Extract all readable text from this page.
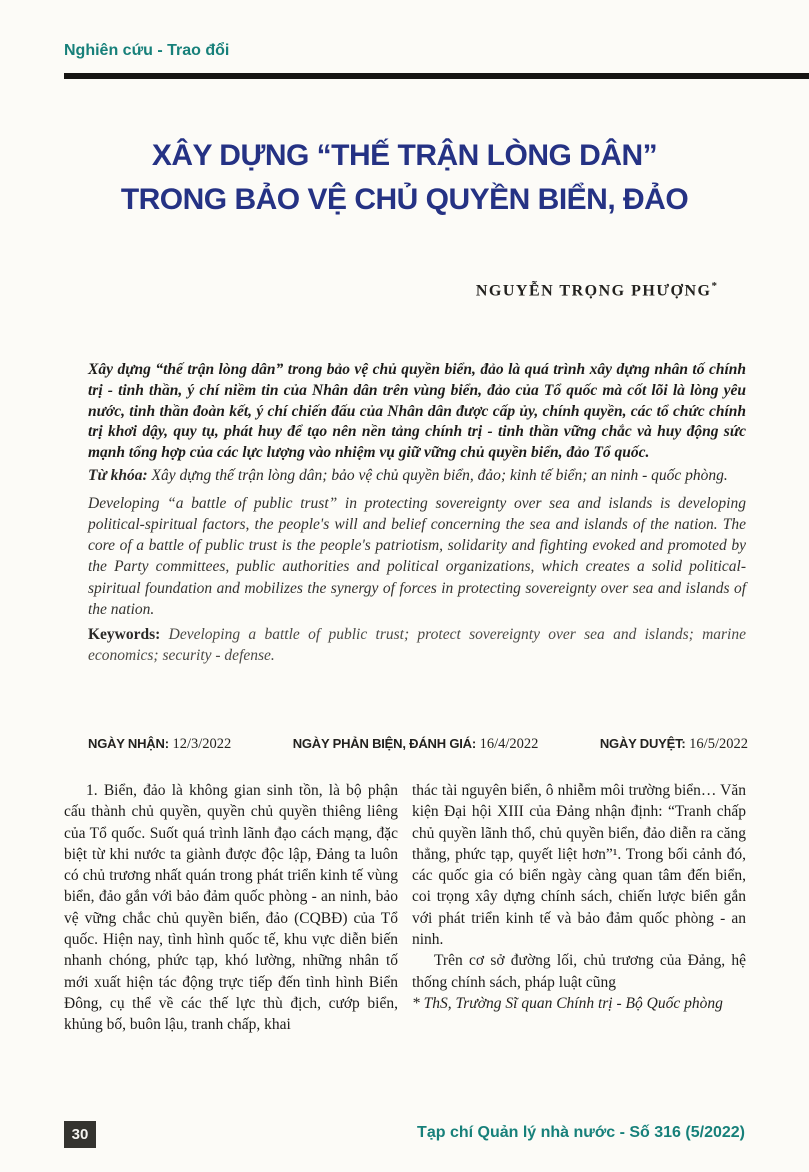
Nghiên cứu - Trao đổi
XÂY DỰNG “THẾ TRẬN LÒNG DÂN”
TRONG BẢO VỆ CHỦ QUYỀN BIỂN, ĐẢO
NGUYỄN TRỌNG PHƯỢNG*

Xây dựng “thế trận lòng dân” trong bảo vệ chủ quyền biển, đảo là quá trình xây dựng nhân tố chính trị - tinh thần, ý chí niềm tin của Nhân dân trên vùng biển, đảo của Tổ quốc mà cốt lõi là lòng yêu nước, tinh thần đoàn kết, ý chí chiến đấu của Nhân dân được cấp ủy, chính quyền, các tổ chức chính trị khơi dậy, quy tụ, phát huy để tạo nên nền tảng chính trị - tinh thần vững chắc và huy động sức mạnh tổng hợp của các lực lượng vào nhiệm vụ giữ vững chủ quyền biển, đảo Tổ quốc.

Từ khóa: Xây dựng thế trận lòng dân; bảo vệ chủ quyền biển, đảo; kinh tế biển; an ninh - quốc phòng.

Developing “a battle of public trust” in protecting sovereignty over sea and islands is developing political-spiritual factors, the people's will and belief concerning the sea and islands of the nation. The core of a battle of public trust is the people's patriotism, solidarity and fighting evoked and promoted by the Party committees, public authorities and political organizations, which creates a solid political-spiritual foundation and mobilizes the synergy of forces in protecting sovereignty over sea and islands of the nation.

Keywords: Developing a battle of public trust; protect sovereignty over sea and islands; marine economics; security - defense.

NGÀY NHẬN: 12/3/2022	NGÀY PHẢN BIỆN, ĐÁNH GIÁ: 16/4/2022	NGÀY DUYỆT: 16/5/2022

1. Biển, đảo là không gian sinh tồn, là bộ phận cấu thành chủ quyền, quyền chủ quyền thiêng liêng của Tổ quốc. Suốt quá trình lãnh đạo cách mạng, đặc biệt từ khi nước ta giành được độc lập, Đảng ta luôn có chủ trương nhất quán trong phát triển kinh tế vùng biển, đảo gắn với bảo đảm quốc phòng - an ninh, bảo vệ vững chắc chủ quyền biển, đảo (CQBĐ) của Tổ quốc. Hiện nay, tình hình quốc tế, khu vực diễn biến nhanh chóng, phức tạp, khó lường, những nhân tố mới xuất hiện tác động trực tiếp đến tình hình Biển Đông, cụ thể về các thế lực thù địch, cướp biển, khủng bố, buôn lậu, tranh chấp, khai

thác tài nguyên biển, ô nhiễm môi trường biển… Văn kiện Đại hội XIII của Đảng nhận định: “Tranh chấp chủ quyền lãnh thổ, chủ quyền biển, đảo diễn ra căng thẳng, phức tạp, quyết liệt hơn”¹. Trong bối cảnh đó, các quốc gia có biển ngày càng quan tâm đến biển, coi trọng xây dựng chính sách, chiến lược biển gắn với phát triển kinh tế và bảo đảm quốc phòng - an ninh.

Trên cơ sở đường lối, chủ trương của Đảng, hệ thống chính sách, pháp luật cũng

* ThS, Trường Sĩ quan Chính trị - Bộ Quốc phòng

30	Tạp chí Quản lý nhà nước - Số 316 (5/2022)
